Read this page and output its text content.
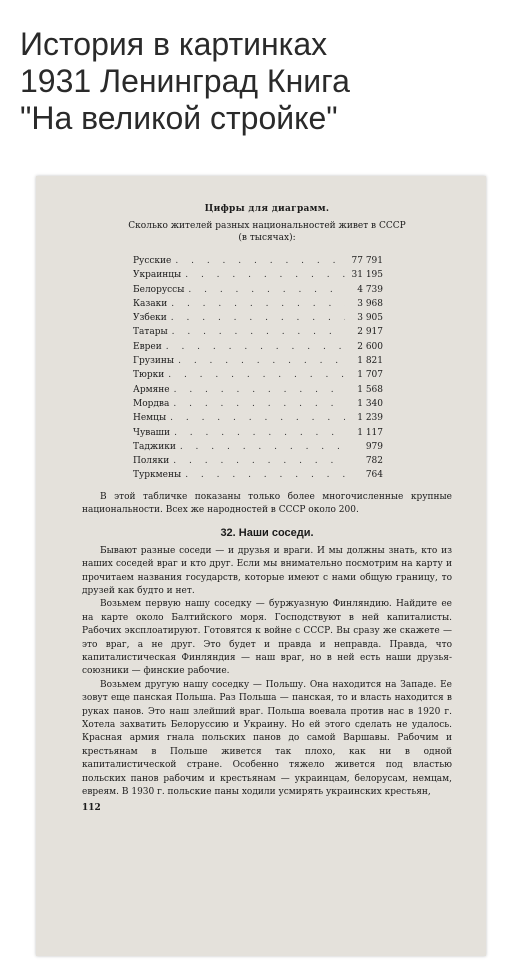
История в картинках
1931 Ленинград Книга
"На великой стройке"
Цифры для диаграмм.
Сколько жителей разных национальностей живет в СССР
(в тысячах):
Русские . . .	77 791
Украинцы . . .	31 195
Белоруссы . . .	4 739
Казаки . . .	3 968
Узбеки . . .	3 905
Татары . . .	2 917
Евреи . . .	2 600
Грузины . . .	1 821
Тюрки . . .	1 707
Армяне . . .	1 568
Мордва . . .	1 340
Немцы . . .	1 239
Чуваши . . .	1 117
Таджики . . .	979
Поляки . . .	782
Туркмены . . .	764
В этой табличке показаны только более многочисленные крупные национальности. Всех же народностей в СССР около 200.
32. Наши соседи.

Бывают разные соседи — и друзья и враги. И мы должны знать, кто из наших соседей враг и кто друг. Если мы внимательно посмотрим на карту и прочитаем названия государств, которые имеют с нами общую границу, то друзей как будто и нет.

Возьмем первую нашу соседку — буржуазную Финляндию. Найдите ее на карте около Балтийского моря. Господствуют в ней капиталисты. Рабочих эксплоатируют. Готовятся к войне с СССР. Вы сразу же скажете — это враг, а не друг. Это будет и правда и неправда. Правда, что капиталистическая Финляндия — наш враг, но в ней есть наши друзья-союзники — финские рабочие.

Возьмем другую нашу соседку — Польшу. Она находится на Западе. Ее зовут еще панская Польша. Раз Польша — панская, то и власть находится в руках панов. Это наш злейший враг. Польша воевала против нас в 1920 г. Хотела захватить Белоруссию и Украину. Но ей этого сделать не удалось. Красная армия гнала польских панов до самой Варшавы. Рабочим и крестьянам в Польше живется так плохо, как ни в одной капиталистической стране. Особенно тяжело живется под властью польских панов рабочим и крестьянам — украинцам, белорусам, немцам, евреям. В 1930 г. польские паны ходили усмирять украинских крестьян,

112
